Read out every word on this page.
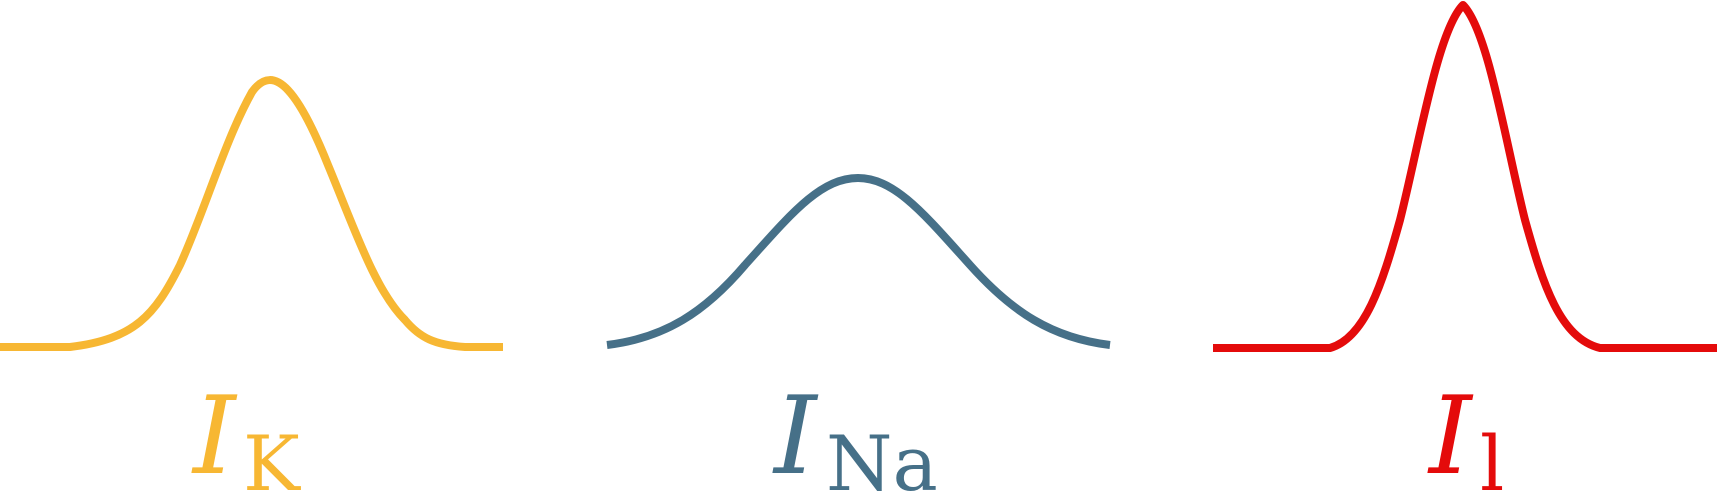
I K	I Na	I l
